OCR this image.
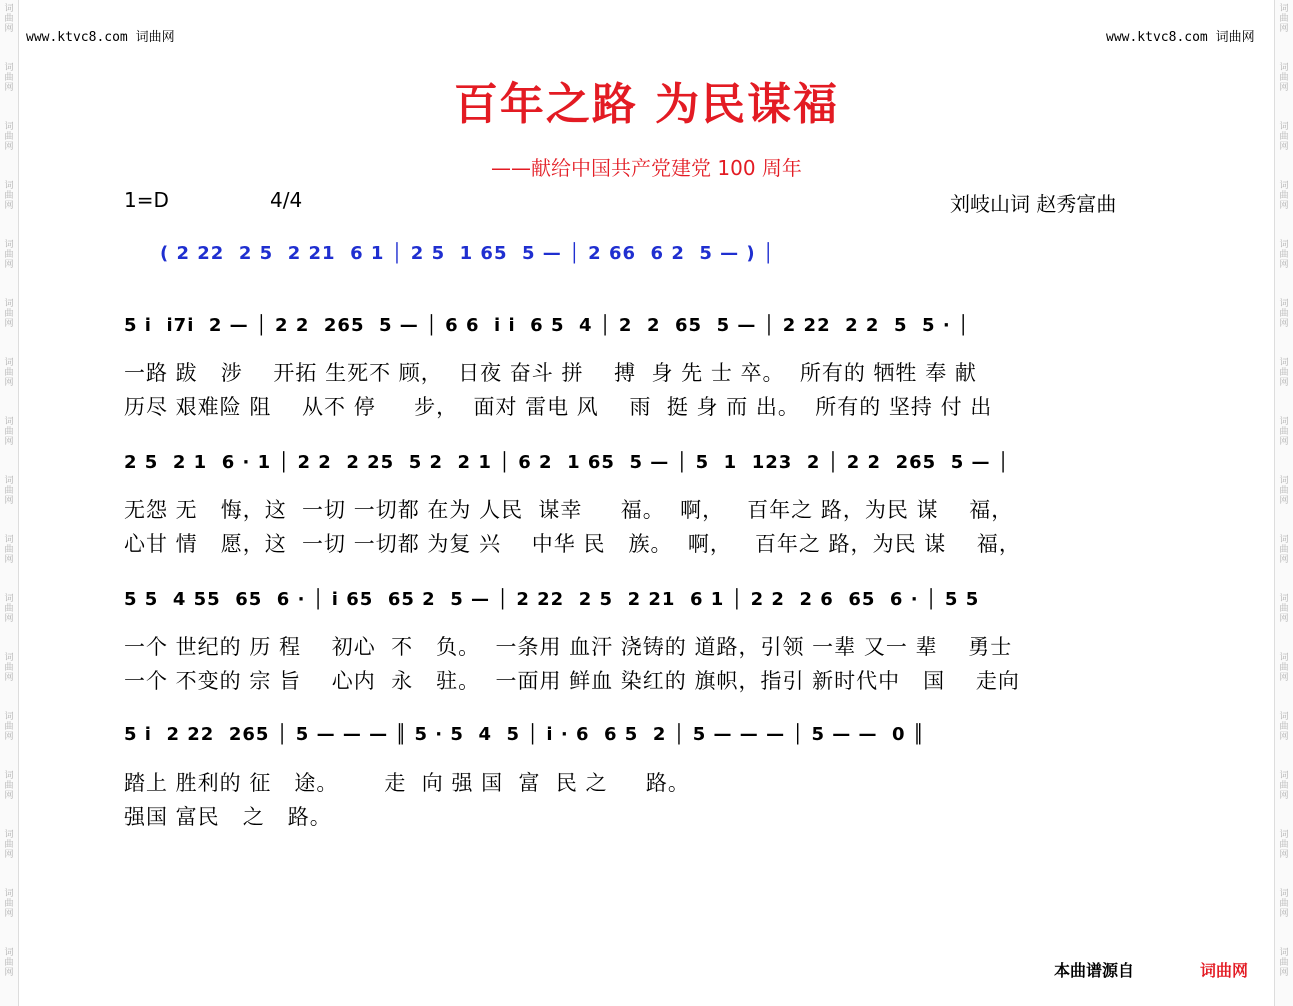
词
曲
网
词
曲
网
词
曲
网
词
曲
网
词
曲
网
词
曲
网
词
曲
网
词
曲
网
词
曲
网
词
曲
网
词
曲
网
词
曲
网
词
曲
网
词
曲
网
词
曲
网
词
曲
网
词
曲
网
词
曲
网
词
曲
网
词
曲
网
词
曲
网
词
曲
网
词
曲
网
词
曲
网
词
曲
网
词
曲
网
词
曲
网
词
曲
网
词
曲
网
词
曲
网
词
曲
网
词
曲
网
词
曲
网
词
曲
网
www.ktvc8.com 词曲网	www.ktvc8.com 词曲网
百年之路 为民谋福
——献给中国共产党建党 100 周年
1=D	4/4	刘岐山词 赵秀富曲
( 2 22  2 5  2 21  6 1 │ 2 5  1 65  5 — │ 2 66  6 2  5 — ) │
5 i  i7i  2 — │ 2 2  265  5 — │ 6 6  i i  6 5  4 │ 2  2  65  5 — │ 2 22  2 2  5  5 · │
一路 跋   涉    开拓 生死不 顾，  日夜 奋斗 拼    搏  身 先 士 卒。  所有的 牺牲 奉 献
历尽 艰难险 阻    从不 停     步，  面对 雷电 风    雨  挺 身 而 出。  所有的 坚持 付 出
2 5  2 1  6 · 1 │ 2 2  2 25  5 2  2 1 │ 6 2  1 65  5 — │ 5  1  123  2 │ 2 2  265  5 — │
无怨 无   悔，这  一切 一切都 在为 人民  谋幸     福。  啊，   百年之 路，为民 谋    福，
心甘 情   愿，这  一切 一切都 为复 兴    中华 民   族。  啊，   百年之 路，为民 谋    福，
5 5  4 55  65  6 · │ i 65  65 2  5 — │ 2 22  2 5  2 21  6 1 │ 2 2  2 6  65  6 · │ 5 5
一个 世纪的 历 程    初心  不   负。  一条用 血汗 浇铸的 道路，引领 一辈 又一 辈    勇士
一个 不变的 宗 旨    心内  永   驻。  一面用 鲜血 染红的 旗帜，指引 新时代中   国    走向
5 i  2 22  265 │ 5 — — — ║ 5 · 5  4  5 │ i · 6  6 5  2 │ 5 — — — │ 5 — —  0 ║
踏上 胜利的 征   途。      走  向 强 国  富  民 之     路。
强国 富民   之   路。
本曲谱源自	词曲网
